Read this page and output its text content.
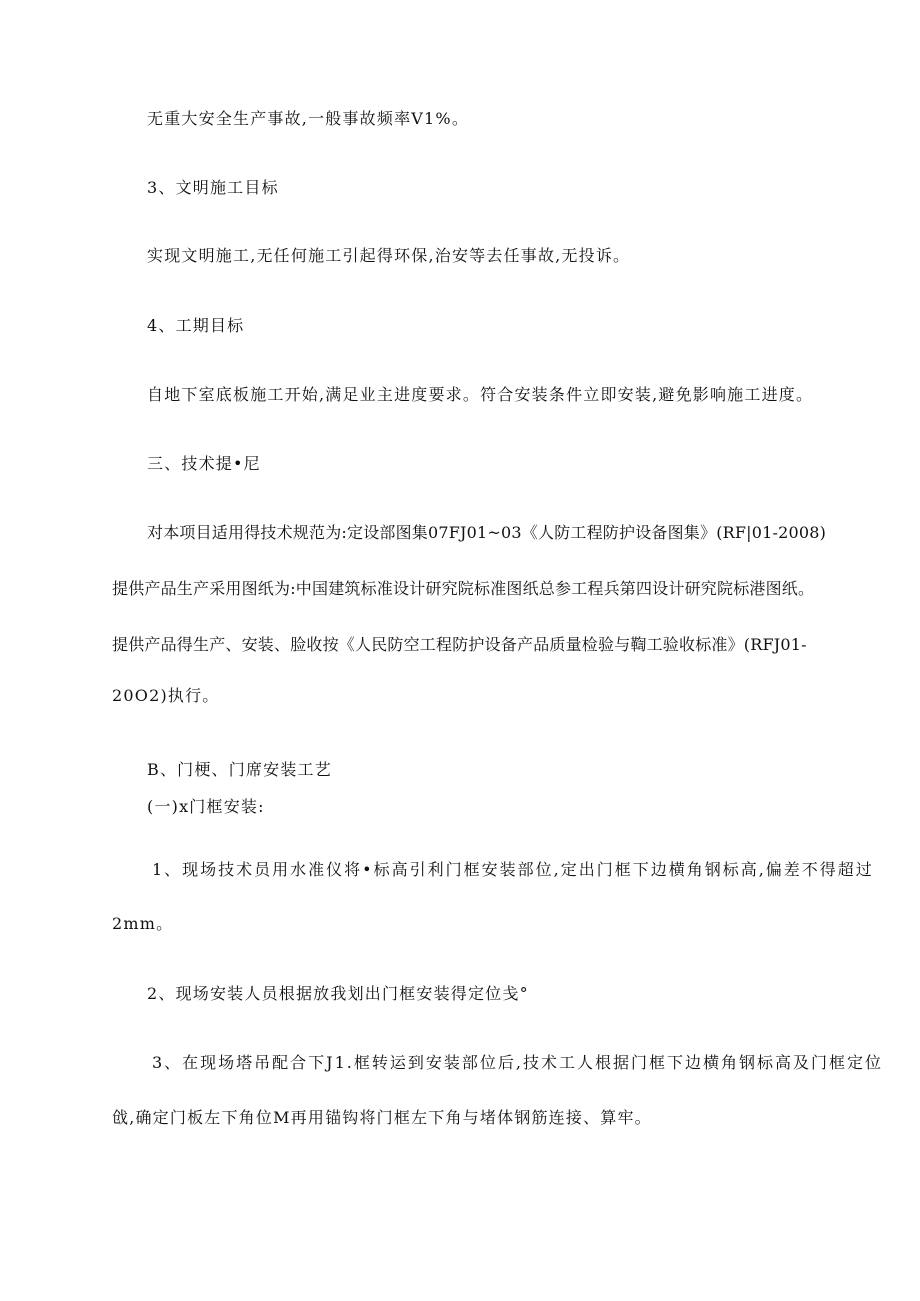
无重大安全生产事故,一般事故频率V1%。

3、文明施工目标

实现文明施工,无任何施工引起得环保,治安等去任事故,无投诉。

4、工期目标

自地下室底板施工开始,满足业主进度要求。符合安装条件立即安装,避免影响施工进度。

三、技术提•尼

对本项目适用得技术规范为:定设部图集07FJ01~03《人防工程防护设备图集》(RF|01-2008)

提供产品生产采用图纸为:中国建筑标准设计研究院标准图纸总参工程兵第四设计研究院标港图纸。

提供产品得生产、安装、脸收按《人民防空工程防护设备产品质量检验与鞫工验收标准》(RFJ01-

20O2)执行。

B、门梗、门席安装工艺

(一)x门框安装:

1、现场技术员用水准仪将•标高引利门框安装部位,定出门框下边横角钢标高,偏差不得超过

2mm。

2、现场安装人员根据放我划出门框安装得定位戋°

3、在现场塔吊配合下J1.框转运到安装部位后,技术工人根据门框下边横角钢标高及门框定位

戗,确定门板左下角位M再用锚钩将门框左下角与堵体钢筋连接、算牢。
